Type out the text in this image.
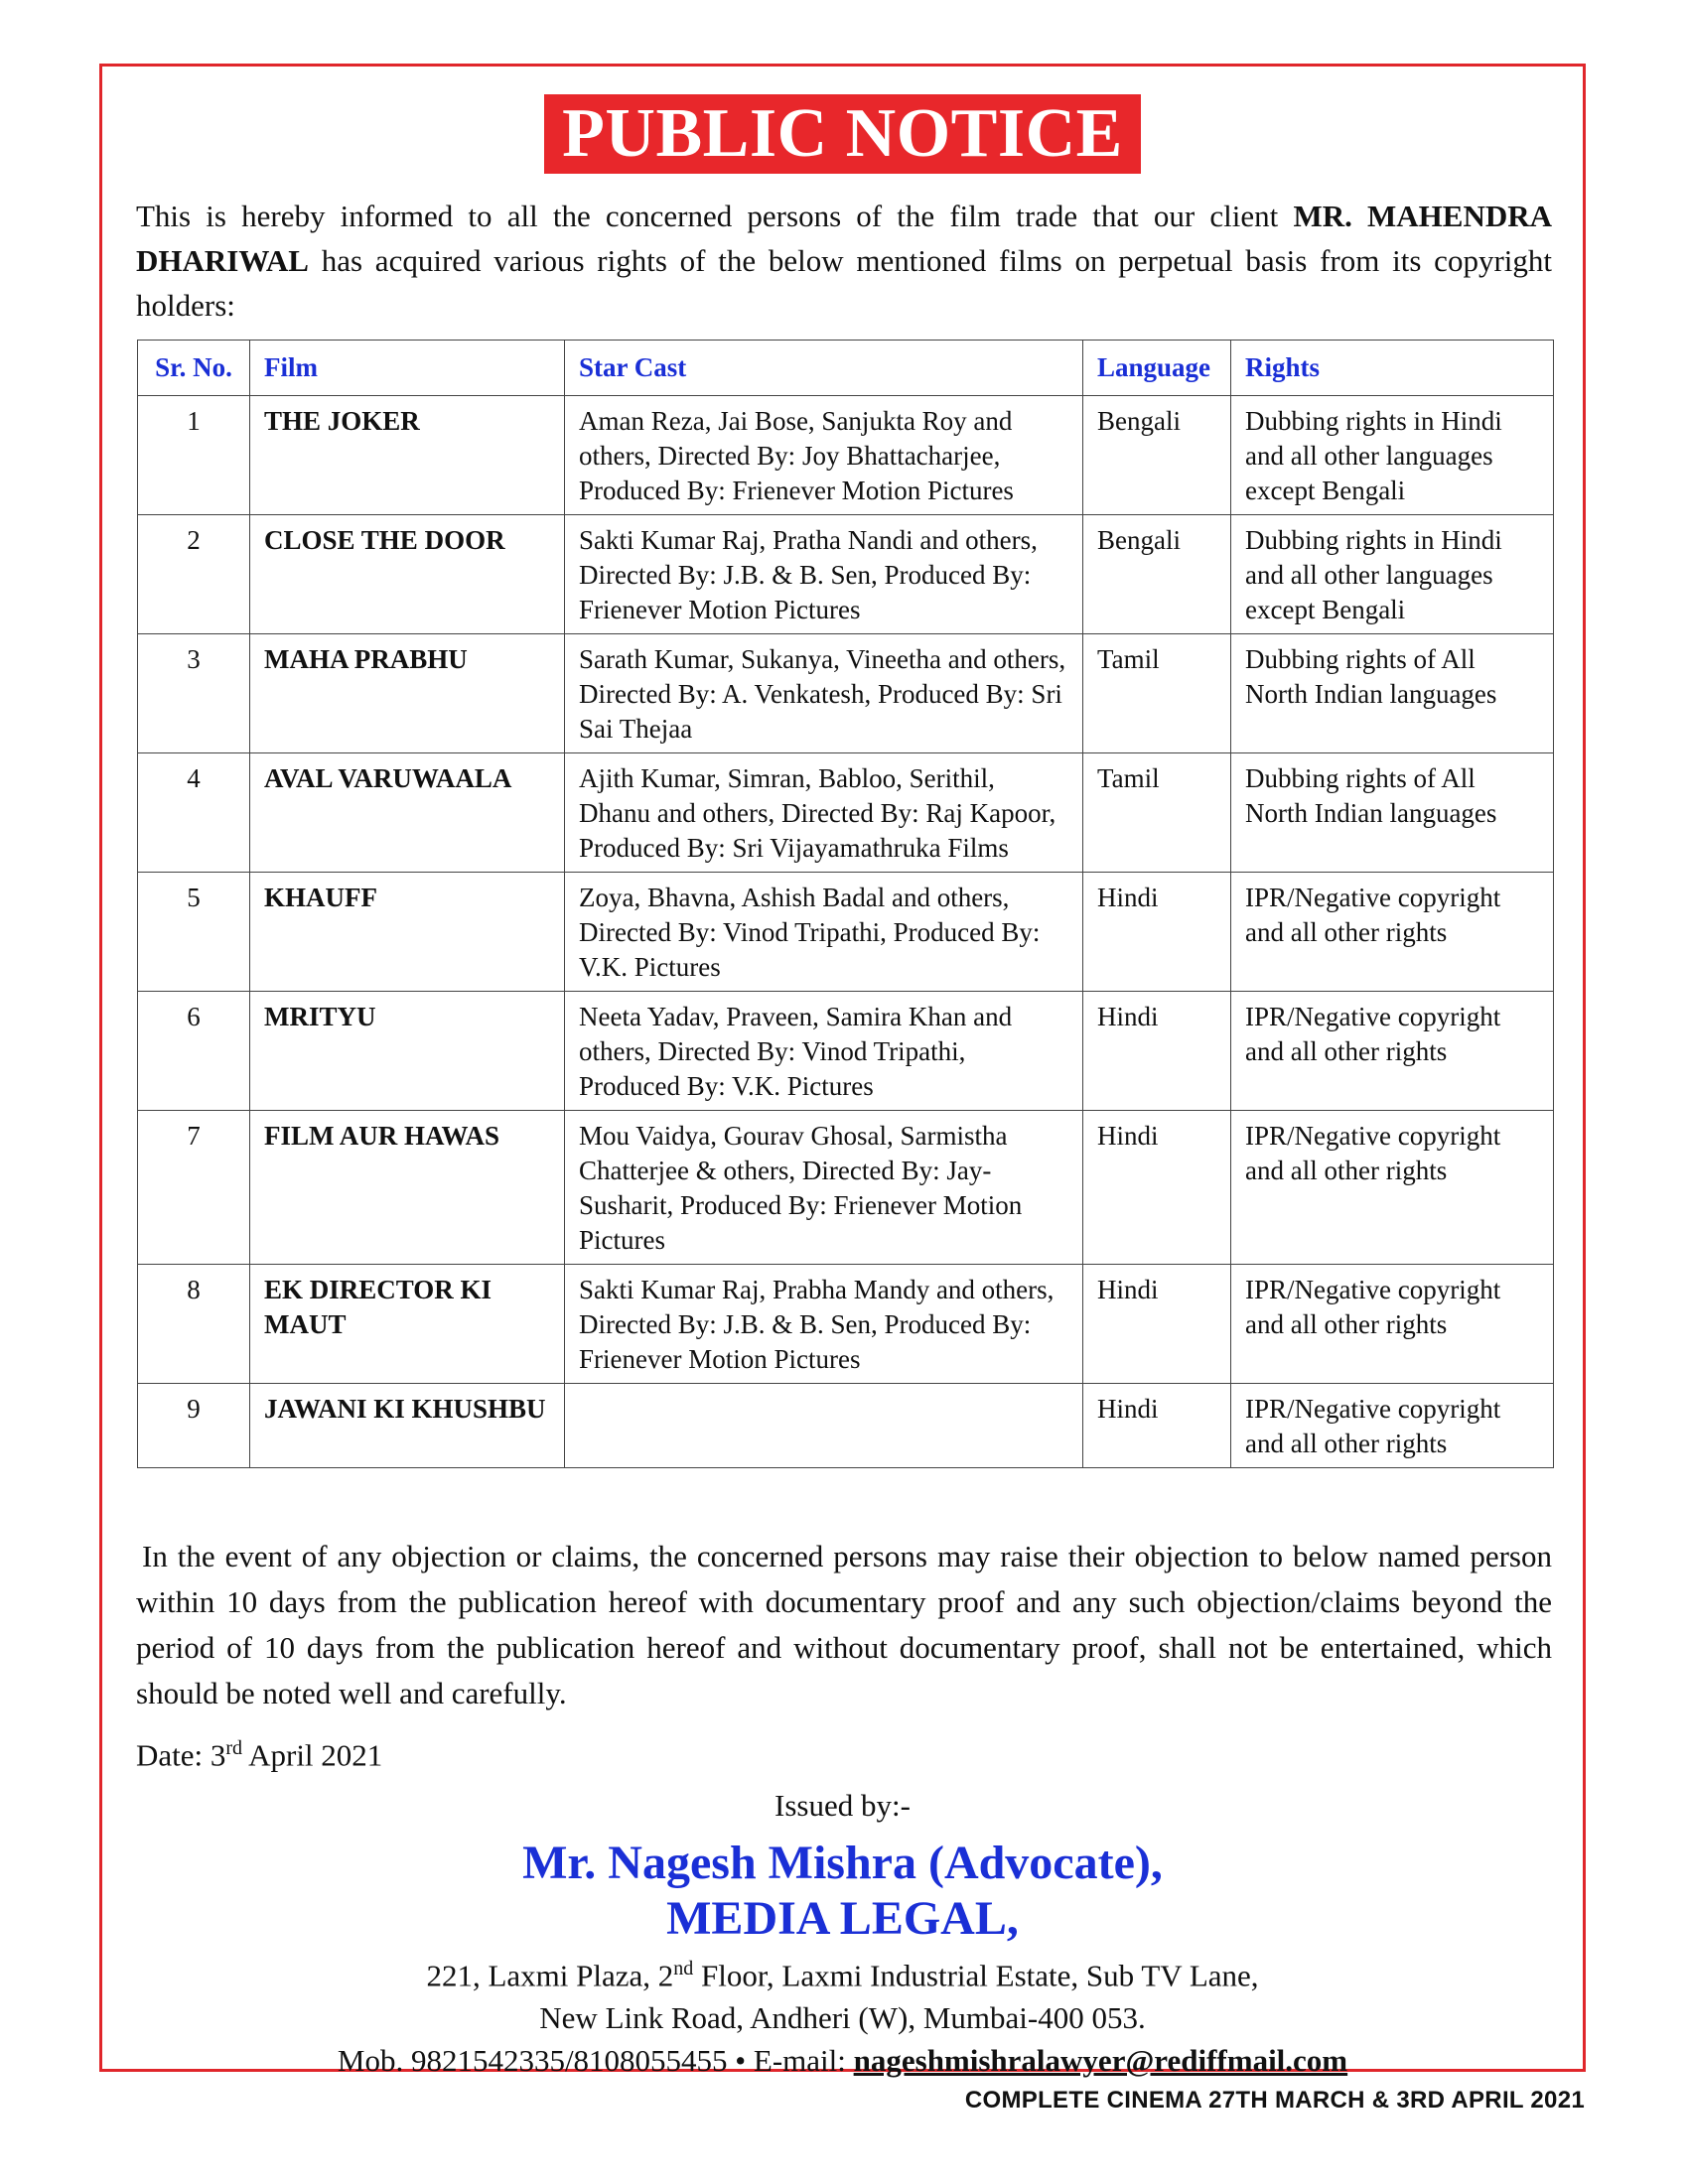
PUBLIC NOTICE
This is hereby informed to all the concerned persons of the film trade that our client MR. MAHENDRA DHARIWAL has acquired various rights of the below mentioned films on perpetual basis from its copyright holders:
Sr. No.	Film	Star Cast	Language	Rights
1	THE JOKER	Aman Reza, Jai Bose, Sanjukta Roy and others, Directed By: Joy Bhattacharjee, Produced By: Frienever Motion Pictures	Bengali	Dubbing rights in Hindi and all other languages except Bengali
2	CLOSE THE DOOR	Sakti Kumar Raj, Pratha Nandi and others, Directed By: J.B. & B. Sen, Produced By: Frienever Motion Pictures	Bengali	Dubbing rights in Hindi and all other languages except Bengali
3	MAHA PRABHU	Sarath Kumar, Sukanya, Vineetha and others, Directed By: A. Venkatesh, Produced By: Sri Sai Thejaa	Tamil	Dubbing rights of All North Indian languages
4	AVAL VARUWAALA	Ajith Kumar, Simran, Babloo, Serithil, Dhanu and others, Directed By: Raj Kapoor, Produced By: Sri Vijayamathruka Films	Tamil	Dubbing rights of All North Indian languages
5	KHAUFF	Zoya, Bhavna, Ashish Badal and others, Directed By: Vinod Tripathi, Produced By: V.K. Pictures	Hindi	IPR/Negative copyright and all other rights
6	MRITYU	Neeta Yadav, Praveen, Samira Khan and others, Directed By: Vinod Tripathi, Produced By: V.K. Pictures	Hindi	IPR/Negative copyright and all other rights
7	FILM AUR HAWAS	Mou Vaidya, Gourav Ghosal, Sarmistha Chatterjee & others, Directed By: Jay-Susharit, Produced By: Frienever Motion Pictures	Hindi	IPR/Negative copyright and all other rights
8	EK DIRECTOR KI MAUT	Sakti Kumar Raj, Prabha Mandy and others, Directed By: J.B. & B. Sen, Produced By: Frienever Motion Pictures	Hindi	IPR/Negative copyright and all other rights
9	JAWANI KI KHUSHBU		Hindi	IPR/Negative copyright and all other rights
In the event of any objection or claims, the concerned persons may raise their objection to below named person within 10 days from the publication hereof with documentary proof and any such objection/claims beyond the period of 10 days from the publication hereof and without documentary proof, shall not be entertained, which should be noted well and carefully.
Date: 3rd April 2021
Issued by:-
Mr. Nagesh Mishra (Advocate),
MEDIA LEGAL,
221, Laxmi Plaza, 2nd Floor, Laxmi Industrial Estate, Sub TV Lane,
New Link Road, Andheri (W), Mumbai-400 053.
Mob. 9821542335/8108055455 • E-mail: nageshmishralawyer@rediffmail.com
COMPLETE CINEMA 27TH MARCH & 3RD APRIL 2021
